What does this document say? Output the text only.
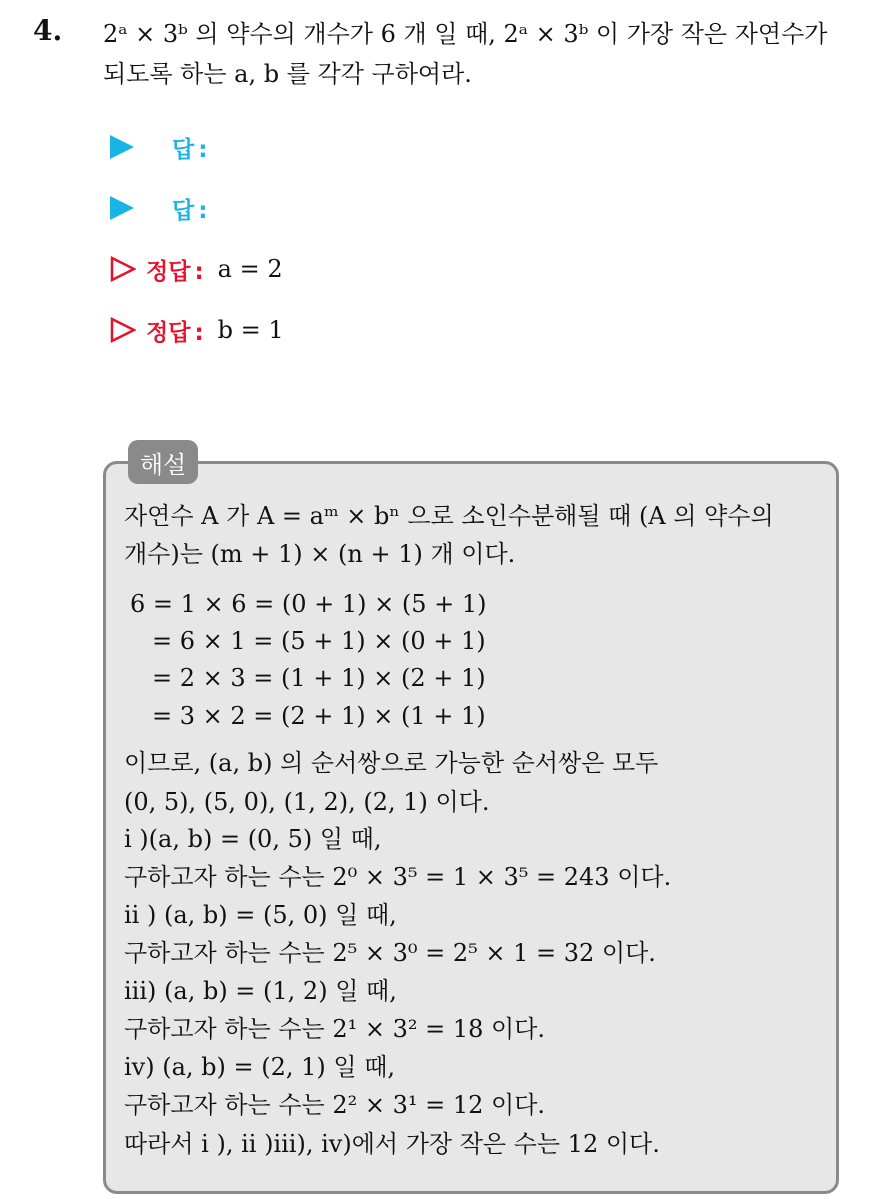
4. 2ᵃ × 3ᵇ 의 약수의 개수가 6 개 일 때, 2ᵃ × 3ᵇ 이 가장 작은 자연수가
되도록 하는 a, b 를 각각 구하여라.
답 :
답 :
정답 : a = 2
정답 : b = 1
해설
자연수 A 가 A = aᵐ × bⁿ 으로 소인수분해될 때 (A 의 약수의
개수)는 (m + 1) × (n + 1) 개 이다.
6 = 1 × 6 = (0 + 1) × (5 + 1)
= 6 × 1 = (5 + 1) × (0 + 1)
= 2 × 3 = (1 + 1) × (2 + 1)
= 3 × 2 = (2 + 1) × (1 + 1)
이므로, (a, b) 의 순서쌍으로 가능한 순서쌍은 모두
(0, 5), (5, 0), (1, 2), (2, 1) 이다.
i )(a, b) = (0, 5) 일 때,
구하고자 하는 수는 2⁰ × 3⁵ = 1 × 3⁵ = 243 이다.
ii ) (a, b) = (5, 0) 일 때,
구하고자 하는 수는 2⁵ × 3⁰ = 2⁵ × 1 = 32 이다.
iii) (a, b) = (1, 2) 일 때,
구하고자 하는 수는 2¹ × 3² = 18 이다.
iv) (a, b) = (2, 1) 일 때,
구하고자 하는 수는 2² × 3¹ = 12 이다.
따라서 i ), ii )iii), iv)에서 가장 작은 수는 12 이다.
